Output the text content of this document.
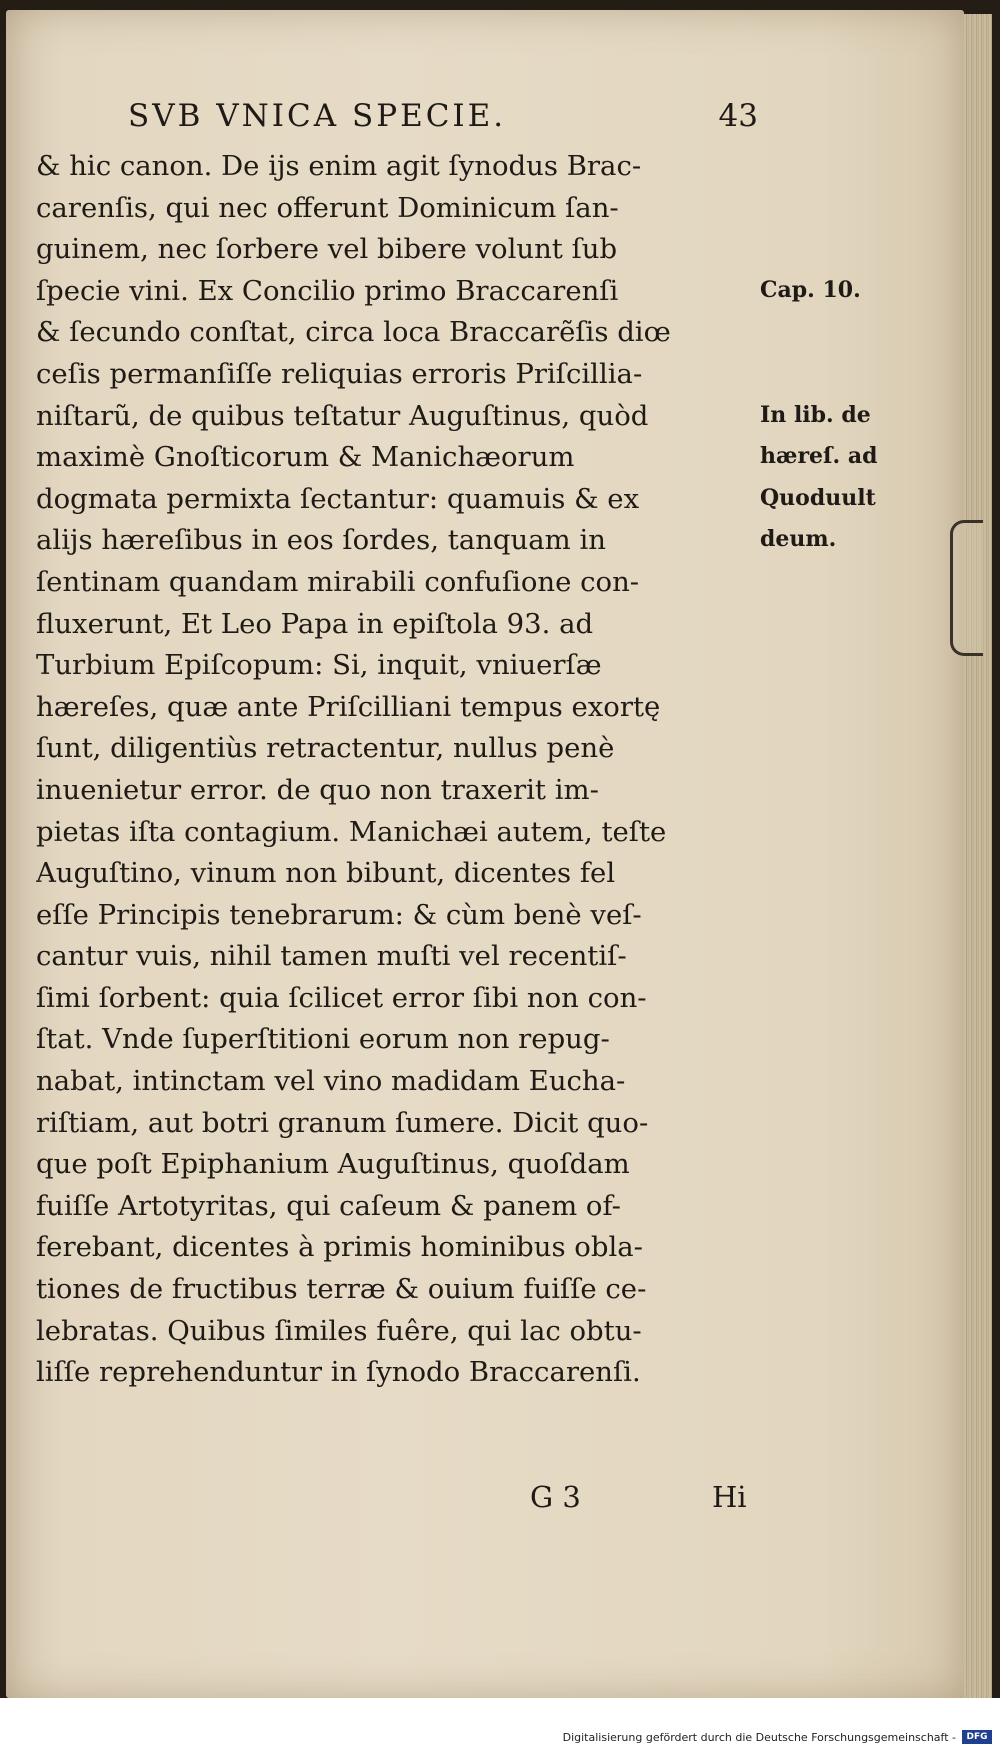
SVB VNICA SPECIE.	43
& hic canon. De ijs enim agit ſynodus Brac-
carenſis, qui nec offerunt Dominicum ſan-
guinem, nec ſorbere vel bibere volunt ſub
ſpecie vini. Ex Concilio primo Braccarenſi
& ſecundo conſtat, circa loca Braccarẽſis diœ
ceſis permanſiſſe reliquias erroris Priſcillia-
niſtarũ, de quibus teſtatur Auguſtinus, quòd
maximè Gnoſticorum & Manichæorum
dogmata permixta ſectantur: quamuis & ex
alijs hæreſibus in eos ſordes, tanquam in
ſentinam quandam mirabili confuſione con-
fluxerunt, Et Leo Papa in epiſtola 93. ad
Turbium Epiſcopum: Si, inquit, vniuerſæ
hæreſes, quæ ante Priſcilliani tempus exortę
ſunt, diligentiùs retractentur, nullus penè
inuenietur error. de quo non traxerit im-
pietas iſta contagium. Manichæi autem, teſte
Auguſtino, vinum non bibunt, dicentes fel
eſſe Principis tenebrarum: & cùm benè veſ-
cantur vuis, nihil tamen muſti vel recentiſ-
ſimi ſorbent: quia ſcilicet error ſibi non con-
ſtat. Vnde ſuperſtitioni eorum non repug-
nabat, intinctam vel vino madidam Eucha-
riſtiam, aut botri granum ſumere. Dicit quo-
que poſt Epiphanium Auguſtinus, quoſdam
fuiſſe Artotyritas, qui caſeum & panem of-
ferebant, dicentes à primis hominibus obla-
tiones de fructibus terræ & ouium fuiſſe ce-
lebratas. Quibus ſimiles fuêre, qui lac obtu-
liſſe reprehenduntur in ſynodo Braccarenſi.
Cap. 10.
In lib. de
hæreſ. ad
Quoduult
deum.
G 3	Hi
Digitalisierung gefördert durch die Deutsche Forschungsgemeinschaft -	DFG
